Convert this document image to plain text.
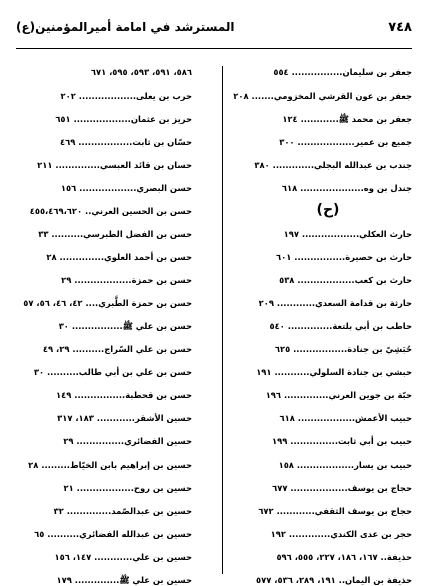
٧٤٨
المسترشد في امامة أميرالمؤمنين(ع)
جعفر بن سليمان................ ٥٥٤
جعفر بن عون القرشي المخزومي....... ٢٠٨
جعفر بن محمد ﷺ............ ١٢٤
جميع بن عمير.................. ٣٠٠
جندب بن عبدالله البجلي............. ٣٨٠
جندل بن وه.................... ٦١٨
(ح)
حارث العكلي.................. ١٩٧
حارث بن حصيرة................ ٦٠١
حارث بن كعب.................. ٥٣٨
حارثة بن قدامة السعدي............ ٢٠٩
حاطب بن أبي بلتعة.............. ٥٤٠
حُبَشِيّ بن جنادة................. ٦٢٥
حبشي بن جنادة السلولي........... ١٩١
حبّة بن جوين العرني.............. ١٩٦
حبيب الأعمش.................. ٦١٨
حبيب بن أبي ثابت............... ١٩٩
حبيب بن يسار.................. ١٥٨
حجاج بن يوسف.................. ٦٧٧
حجاج بن يوسف الثقفي............ ٦٧٢
حجر بن عدى الكندي............. ١٩٢
حذيفة.. ١٦٧، ١٨٦، ٢٢٧، ٥٥٥، ٥٩٦
حذيفة بن اليمان.. ١٩١، ٢٨٩، ٥٣٦، ٥٧٧
٥٨٦، ٥٩١، ٥٩٣، ٥٩٥، ٦٧١
حرب بن يعلى.................. ٢٠٢
حريز بن عثمان.................. ٦٥١
حسّان بن ثابت................. ٤٦٩
حسان بن قائد العبسي.............. ٢١١
حسن البصري.................. ١٥٦
حسن بن الحسين العرني.. ٤٥٥،٤٦٩،٦٢٠
حسن بن الفضل الطبرسي.......... ٣٣
حسن بن أحمد العلوي.............. ٢٨
حسن بن حمزة.................. ٢٩
حسن بن حمزة الطَّبري.... ٤٢، ٤٦، ٥٦، ٥٧
حسن بن علي ﷺ................ ٣٠
حسن بن علي السّراج.......... ٢٩، ٤٩
حسن بن علي بن أبي طالب.......... ٣٠
حسن بن قحطبة................ ١٤٩
حسين الأشقر............ ١٨٣، ٣١٧
حسين الفضائري............... ٢٩
حسين بن إبراهيم بابن الخيّاط......... ٢٨
حسين بن روح.................. ٢١
حسين بن عبدالصّمد.............. ٣٢
حسين بن عبدالله الفضائري.......... ٦٥
حسين بن علي............ ١٤٧، ١٥٦
حسين بن علي ﷺ.............. ١٧٩
